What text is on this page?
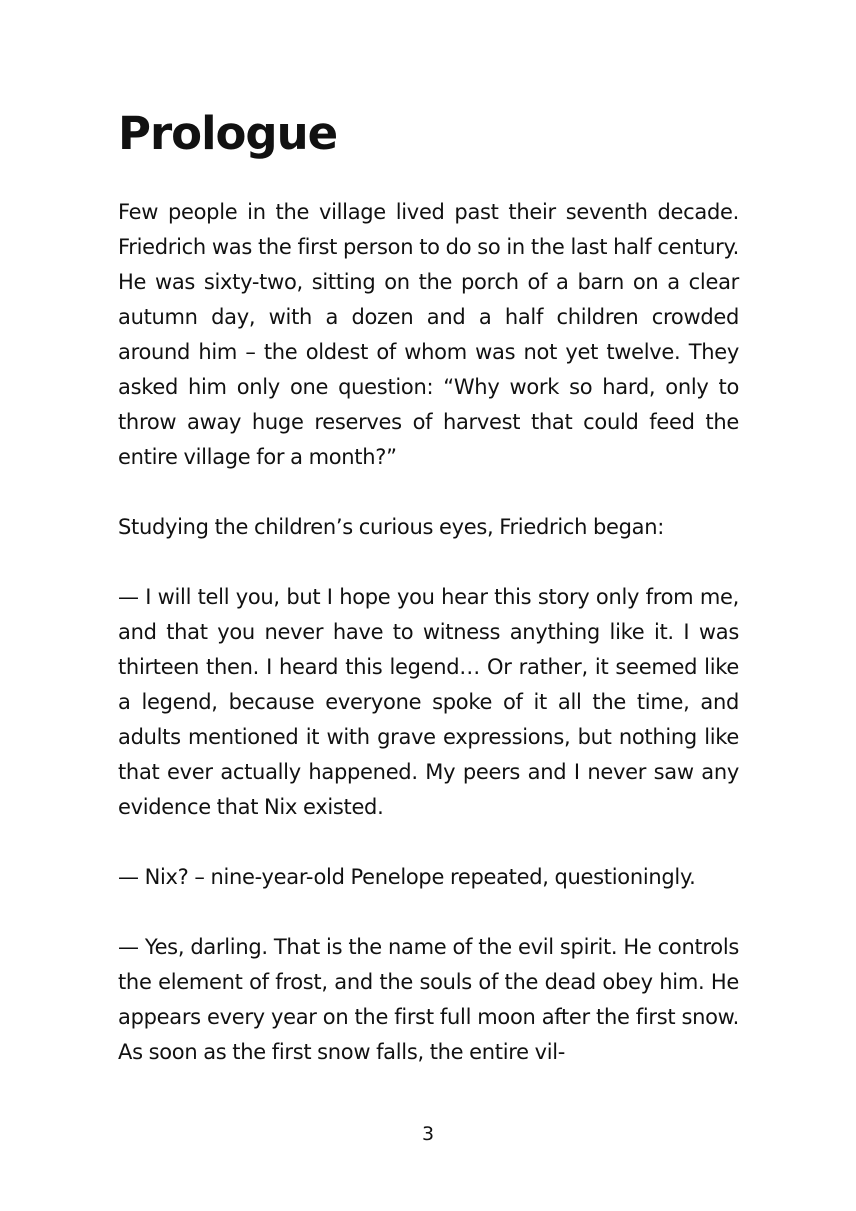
Prologue

Few people in the village lived past their seventh decade. Friedrich was the first person to do so in the last half century. He was sixty-two, sitting on the porch of a barn on a clear autumn day, with a dozen and a half children crowded around him – the oldest of whom was not yet twelve. They asked him only one question: “Why work so hard, only to throw away huge reserves of harvest that could feed the entire village for a month?”

Studying the children’s curious eyes, Friedrich began:

— I will tell you, but I hope you hear this story only from me, and that you never have to witness anything like it. I was thirteen then. I heard this legend… Or rather, it seemed like a legend, because everyone spoke of it all the time, and adults mentioned it with grave expressions, but nothing like that ever actually happened. My peers and I never saw any evidence that Nix existed.

— Nix? – nine-year-old Penelope repeated, questioningly.

— Yes, darling. That is the name of the evil spirit. He controls the element of frost, and the souls of the dead obey him. He appears every year on the first full moon after the first snow. As soon as the first snow falls, the entire vil-

3
